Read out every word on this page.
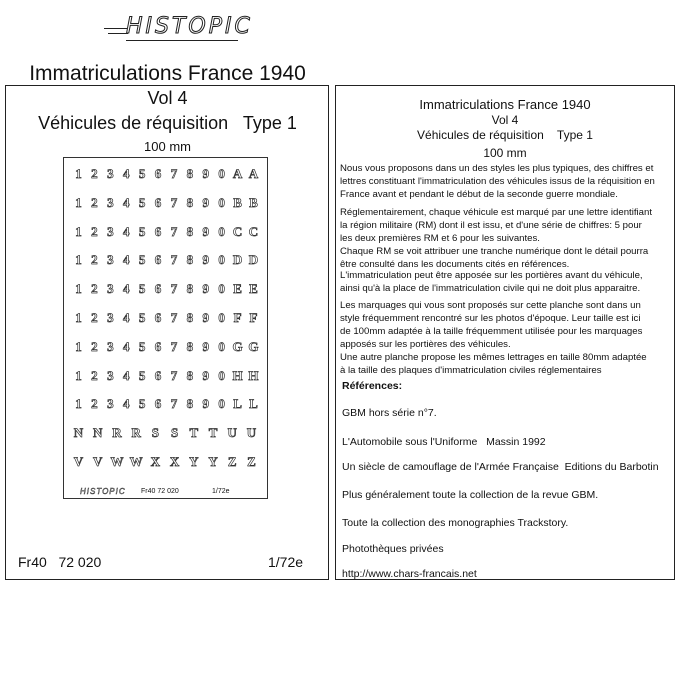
HISTOPIC
Immatriculations France 1940
Vol 4
Véhicules de réquisition   Type 1
100 mm
1 2 3 4 5 6 7 8 9 0 A A
1 2 3 4 5 6 7 8 9 0 B B
1 2 3 4 5 6 7 8 9 0 C C
1 2 3 4 5 6 7 8 9 0 D D
1 2 3 4 5 6 7 8 9 0 E E
1 2 3 4 5 6 7 8 9 0 F F
1 2 3 4 5 6 7 8 9 0 G G
1 2 3 4 5 6 7 8 9 0 H H
1 2 3 4 5 6 7 8 9 0 L L
N N R R S S T T U U
V V W W X X Y Y Z Z
HISTOPIC Fr40 72 020	1/72e
Fr40   72 020	1/72e
Immatriculations France 1940
Vol 4
Véhicules de réquisition    Type 1
100 mm
Nous vous proposons dans un des styles les plus typiques, des chiffres et
lettres constituant l'immatriculation des véhicules issus de la réquisition en
France avant et pendant le début de la seconde guerre mondiale.
Réglementairement, chaque véhicule est marqué par une lettre identifiant
la région militaire (RM) dont il est issu, et d'une série de chiffres: 5 pour
les deux premières RM et 6 pour les suivantes.
Chaque RM se voit attribuer une tranche numérique dont le détail pourra
être consulté dans les documents cités en références.
L'immatriculation peut être apposée sur les portières avant du véhicule,
ainsi qu'à la place de l'immatriculation civile qui ne doit plus apparaitre.
Les marquages qui vous sont proposés sur cette planche sont dans un
style fréquemment rencontré sur les photos d'époque. Leur taille est ici
de 100mm adaptée à la taille fréquemment utilisée pour les marquages
apposés sur les portières des véhicules.
Une autre planche propose les mêmes lettrages en taille 80mm adaptée
à la taille des plaques d'immatriculation civiles réglementaires
Références:
GBM hors série n°7.
L'Automobile sous l'Uniforme   Massin 1992
Un siècle de camouflage de l'Armée Française  Editions du Barbotin
Plus généralement toute la collection de la revue GBM.
Toute la collection des monographies Trackstory.
Photothèques privées
http://www.chars-francais.net
